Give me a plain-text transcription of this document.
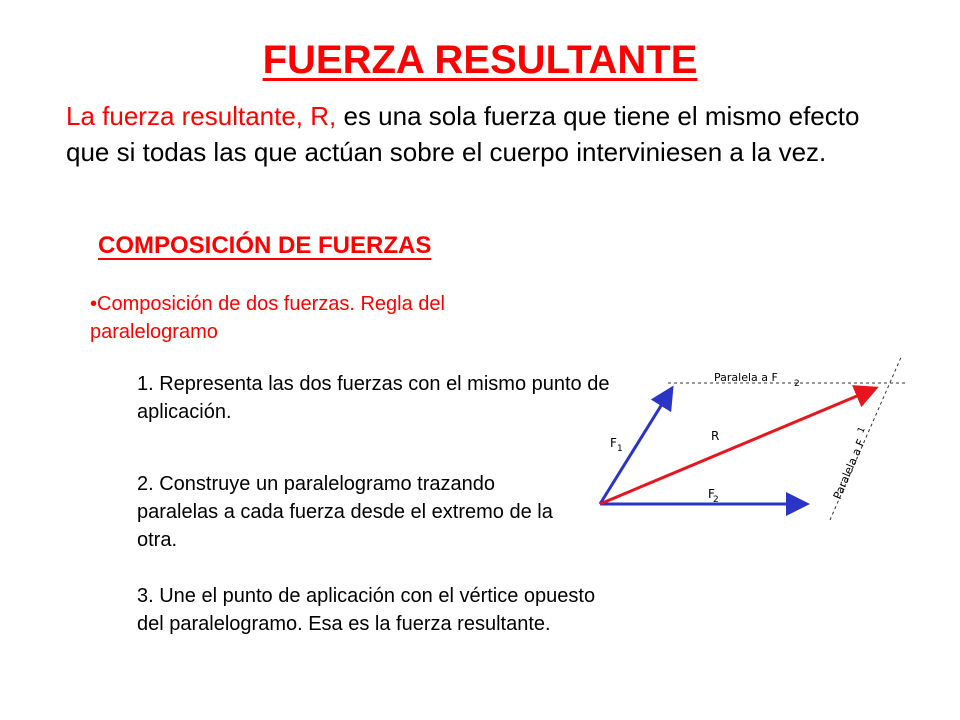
FUERZA RESULTANTE
La fuerza resultante, R, es una sola fuerza que tiene el mismo efecto que si todas las que actúan sobre el cuerpo interviniesen a la vez.
COMPOSICIÓN DE FUERZAS
•Composición de dos fuerzas. Regla del paralelogramo
1. Representa las dos fuerzas con el mismo punto de aplicación.
2. Construye un paralelogramo trazando paralelas a cada fuerza desde el extremo de la otra.
3. Une el punto de aplicación con el vértice opuesto del paralelogramo. Esa es la fuerza resultante.
F 1
F
2
R
Paralela a F 2
Paralela a F
1
